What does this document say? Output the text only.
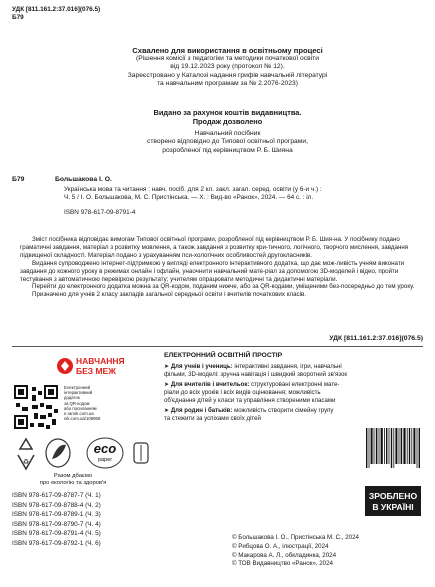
УДК [811.161.2:37.016](076.5)
Б79
Схвалено для використання в освітньому процесі
(Рішення комісії з педагогіки та методики початкової освіти
від 19.12.2023 року (протокол № 12).
Зареєстровано у Каталозі надання грифів навчальній літературі
та навчальним програмам за № 2.2076-2023)
Видано за рахунок коштів видавництва.
Продаж дозволено
Навчальний посібник
створено відповідно до Типової освітньої програми,
розробленої під керівництвом Р. Б. Шияна
Б79	Большакова І. О.
Українська мова та читання : навч. посіб. для 2 кл. закл. загал. серед. освіти (у 6-и ч.) :
Ч. 5 / І. О. Большакова, М. С. Пристінська. — Х. : Вид-во «Ранок», 2024. — 64 с. : іл.
ISBN 978-617-09-8791-4

Зміст посібника відповідає вимогам Типової освітньої програми, розробленої під керівництвом Р. Б. Шия-на. У посібнику подано граматичні завдання, матеріал з розвитку мовлення, а також завдання з розвитку кри-тичного, логічного, творчого мислення, завдання підвищеної складності. Матеріал подано з урахуванням пси-хологічних особливостей другокласників.

Видання супроводжено інтернет-підтримкою у вигляді електронного інтерактивного додатка, що дає мож-ливість учням виконати завдання до кожного уроку в режимах онлайн і офлайн, унаочнити навчальний мате-ріал за допомогою 3D-моделей і відео, пройти тестування з автоматичною перевіркою результату; учителям опрацювати методичні та дидактичні матеріали.

Перейти до електронного додатка можна за QR-кодом, поданим нижче, або за QR-кодами, уміщеними без-посередньо до тем уроку.

Призначено для учнів 2 класу закладів загальної середньої освіти і вчителів початкових класів.

УДК [811.161.2:37.016](076.5)
НАВЧАННЯ
БЕЗ МЕЖ
Електронний
інтерактивний
додаток
за QR-кодом
або посиланням
e.ranok.com.ua
nik.com.ua/105969
♻
eco
paper
Разом дбаємо
про екологію та здоров'я
ISBN 978-617-09-8787-7 (Ч. 1)
ISBN 978-617-09-8788-4 (Ч. 2)
ISBN 978-617-09-8789-1 (Ч. 3)
ISBN 978-617-09-8790-7 (Ч. 4)
ISBN 978-617-09-8791-4 (Ч. 5)
ISBN 978-617-09-8792-1 (Ч. 6)
ЕЛЕКТРОННИЙ ОСВІТНІЙ ПРОСТІР
➤ Для учнів і учениць: інтерактивні завдання, ігри, навчальні
фільми, 3D-моделі: зручна навігація і швидкий зворотний зв'язок
➤ Для вчителів і вчительок: структуровані електронні мате-
ріали до всіх уроків і всіх видів оцінювання; можливість
об'єднання дітей у класи та управління створеними класами
➤ Для родин і батьків: можливість створити сімейну групу
та стежити за успіхами своїх дітей
ЗРОБЛЕНО
В УКРАЇНІ
© Большакова І. О., Пристінська М. С., 2024
© Рибцова О. А., ілюстрації, 2024
© Макарова А. Л., обкладинка, 2024
© ТОВ Видавництво «Ранок», 2024
